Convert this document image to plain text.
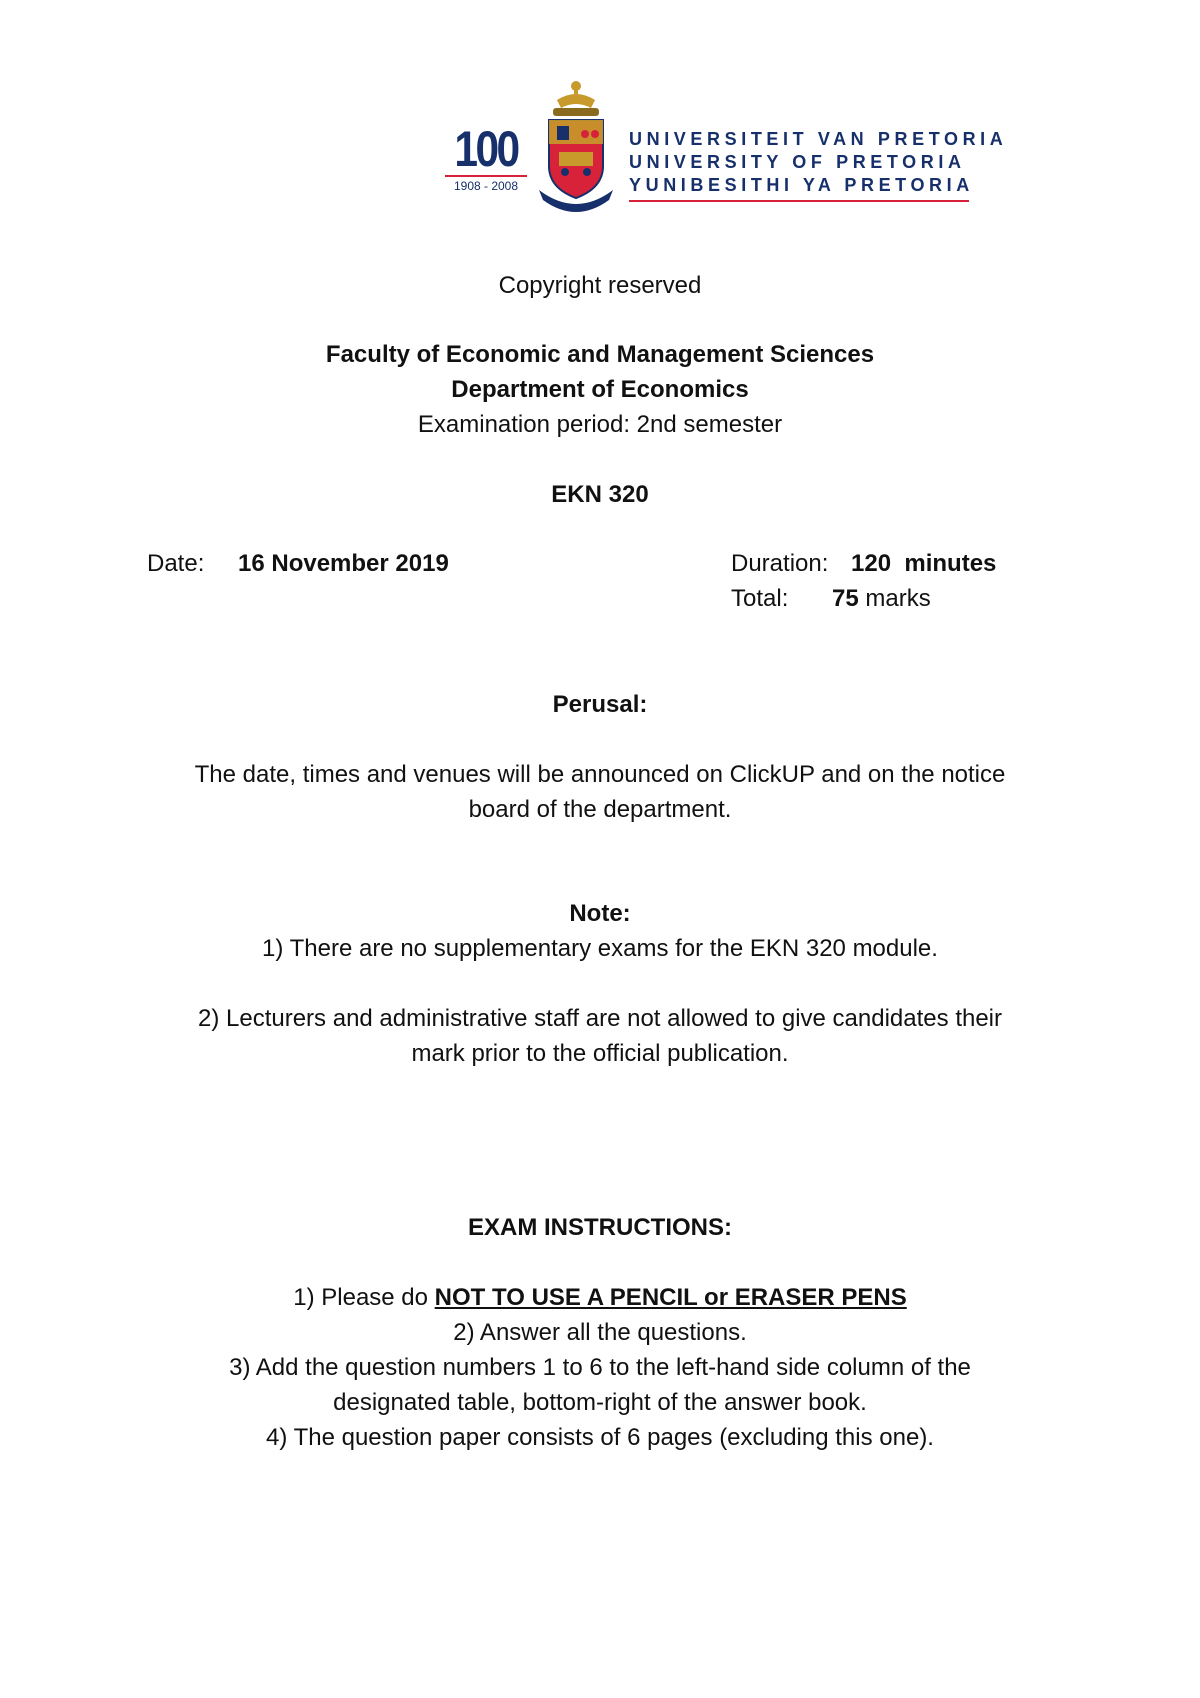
100
1908 - 2008
UNIVERSITEIT VAN PRETORIA
UNIVERSITY OF PRETORIA
YUNIBESITHI YA PRETORIA
Copyright reserved
Faculty of Economic and Management Sciences
Department of Economics
Examination period: 2nd semester
EKN 320
Date: 16 November 2019	Duration: 120  minutes
Total: 75 marks
Perusal:
The date, times and venues will be announced on ClickUP and on the notice
board of the department.
Note:
1) There are no supplementary exams for the EKN 320 module.
2) Lecturers and administrative staff are not allowed to give candidates their
mark prior to the official publication.
EXAM INSTRUCTIONS:
1) Please do NOT TO USE A PENCIL or ERASER PENS
2) Answer all the questions.
3) Add the question numbers 1 to 6 to the left-hand side column of the
designated table, bottom-right of the answer book.
4) The question paper consists of 6 pages (excluding this one).
